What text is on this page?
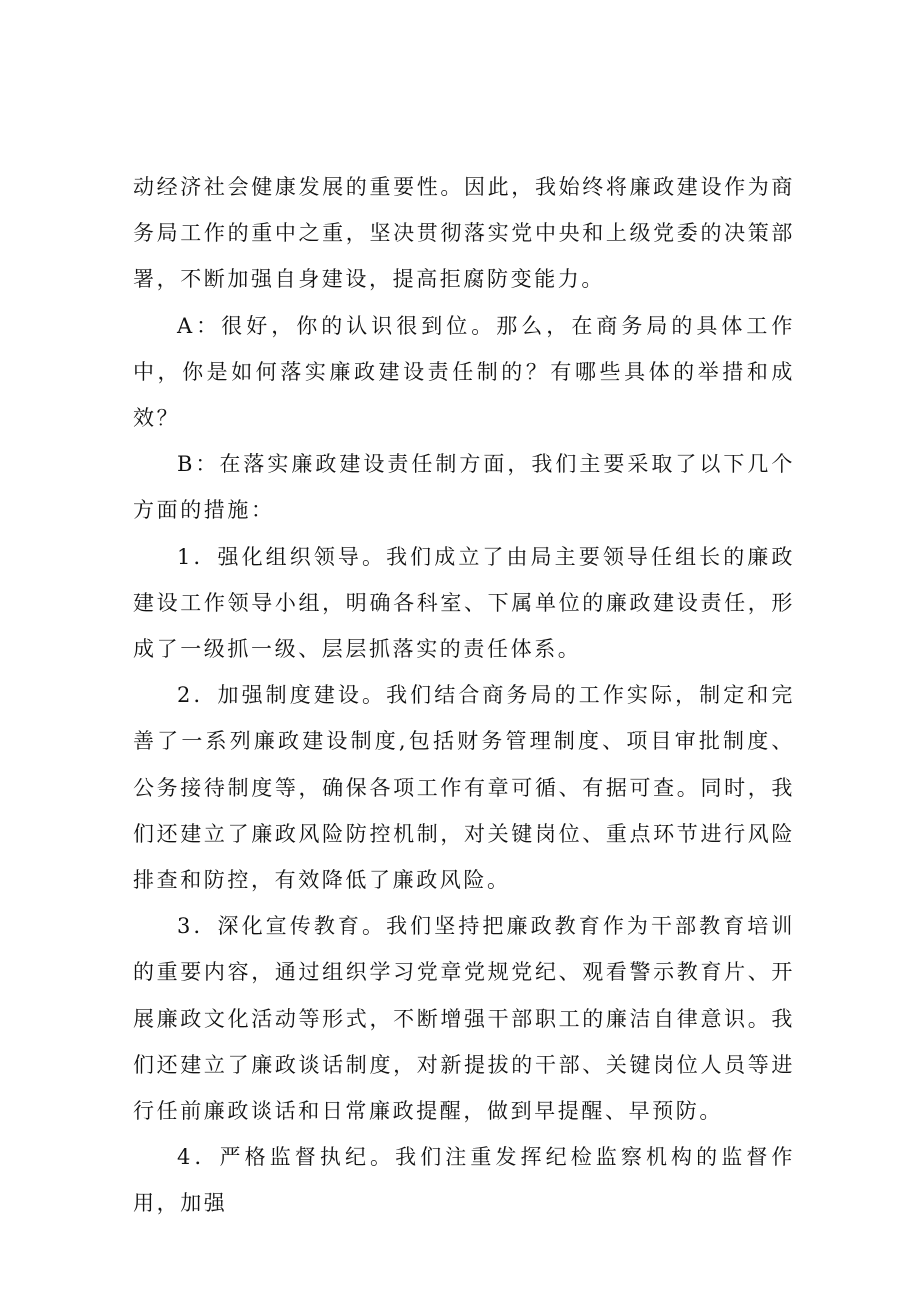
动经济社会健康发展的重要性。因此，我始终将廉政建设作为商务局工作的重中之重，坚决贯彻落实党中央和上级党委的决策部署，不断加强自身建设，提高拒腐防变能力。

A：很好，你的认识很到位。那么，在商务局的具体工作中，你是如何落实廉政建设责任制的？有哪些具体的举措和成效？

B：在落实廉政建设责任制方面，我们主要采取了以下几个方面的措施：

1．强化组织领导。我们成立了由局主要领导任组长的廉政建设工作领导小组，明确各科室、下属单位的廉政建设责任，形成了一级抓一级、层层抓落实的责任体系。

2．加强制度建设。我们结合商务局的工作实际，制定和完善了一系列廉政建设制度,包括财务管理制度、项目审批制度、公务接待制度等，确保各项工作有章可循、有据可查。同时，我们还建立了廉政风险防控机制，对关键岗位、重点环节进行风险排查和防控，有效降低了廉政风险。

3．深化宣传教育。我们坚持把廉政教育作为干部教育培训的重要内容，通过组织学习党章党规党纪、观看警示教育片、开展廉政文化活动等形式，不断增强干部职工的廉洁自律意识。我们还建立了廉政谈话制度，对新提拔的干部、关键岗位人员等进行任前廉政谈话和日常廉政提醒，做到早提醒、早预防。

4．严格监督执纪。我们注重发挥纪检监察机构的监督作用，加强
